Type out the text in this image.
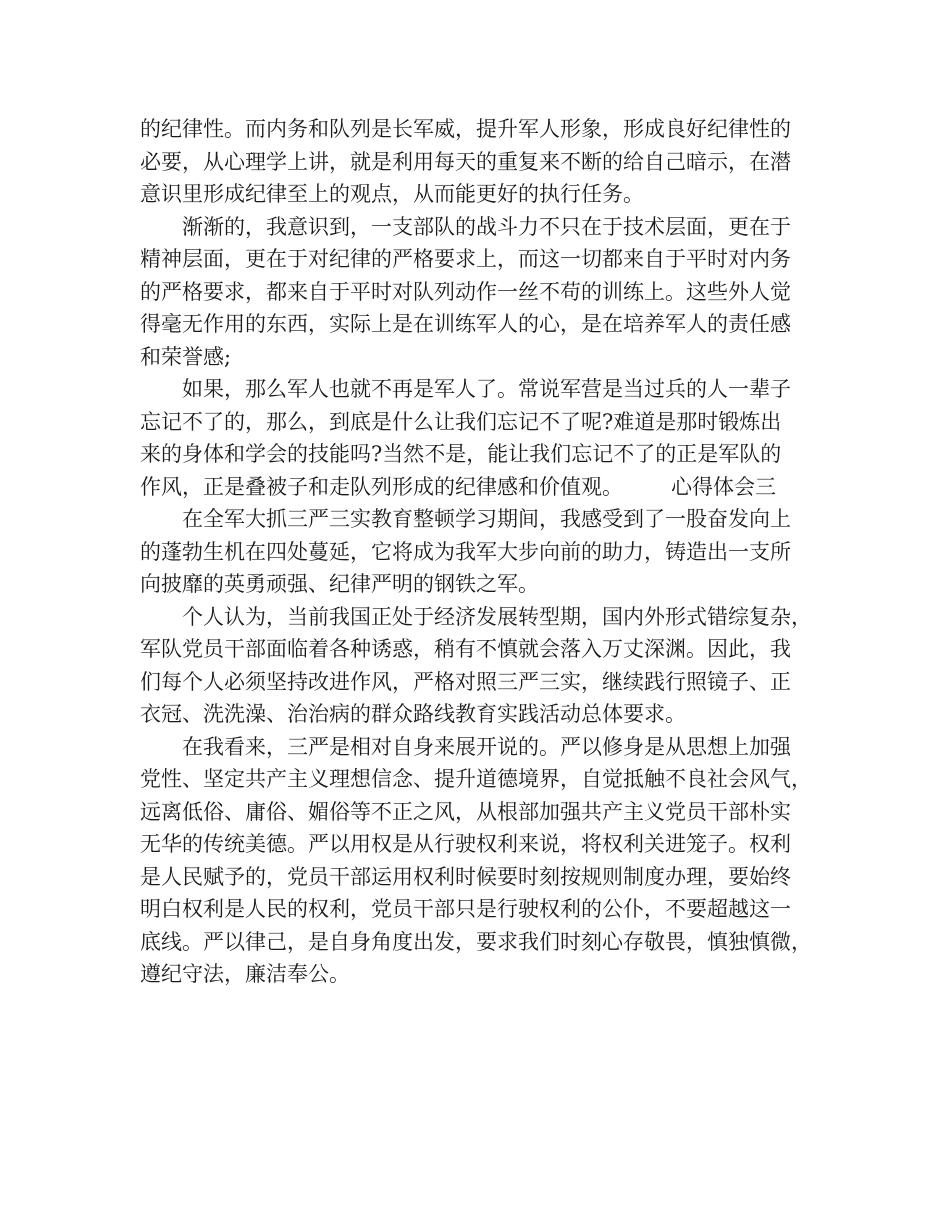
的纪律性。而内务和队列是长军威，提升军人形象，形成良好纪律性的
必要，从心理学上讲，就是利用每天的重复来不断的给自己暗示，在潜
意识里形成纪律至上的观点，从而能更好的执行任务。
渐渐的，我意识到，一支部队的战斗力不只在于技术层面，更在于
精神层面，更在于对纪律的严格要求上，而这一切都来自于平时对内务
的严格要求，都来自于平时对队列动作一丝不苟的训练上。这些外人觉
得毫无作用的东西，实际上是在训练军人的心，是在培养军人的责任感
和荣誉感;
如果，那么军人也就不再是军人了。常说军营是当过兵的人一辈子
忘记不了的，那么，到底是什么让我们忘记不了呢?难道是那时锻炼出
来的身体和学会的技能吗?当然不是，能让我们忘记不了的正是军队的
作风，正是叠被子和走队列形成的纪律感和价值观。 心得体会三
在全军大抓三严三实教育整顿学习期间，我感受到了一股奋发向上
的蓬勃生机在四处蔓延，它将成为我军大步向前的助力，铸造出一支所
向披靡的英勇顽强、纪律严明的钢铁之军。
个人认为，当前我国正处于经济发展转型期，国内外形式错综复杂，
军队党员干部面临着各种诱惑，稍有不慎就会落入万丈深渊。因此，我
们每个人必须坚持改进作风，严格对照三严三实，继续践行照镜子、正
衣冠、洗洗澡、治治病的群众路线教育实践活动总体要求。
在我看来，三严是相对自身来展开说的。严以修身是从思想上加强
党性、坚定共产主义理想信念、提升道德境界，自觉抵触不良社会风气，
远离低俗、庸俗、媚俗等不正之风，从根部加强共产主义党员干部朴实
无华的传统美德。严以用权是从行驶权利来说，将权利关进笼子。权利
是人民赋予的，党员干部运用权利时候要时刻按规则制度办理，要始终
明白权利是人民的权利，党员干部只是行驶权利的公仆，不要超越这一
底线。严以律己，是自身角度出发，要求我们时刻心存敬畏，慎独慎微，
遵纪守法，廉洁奉公。
